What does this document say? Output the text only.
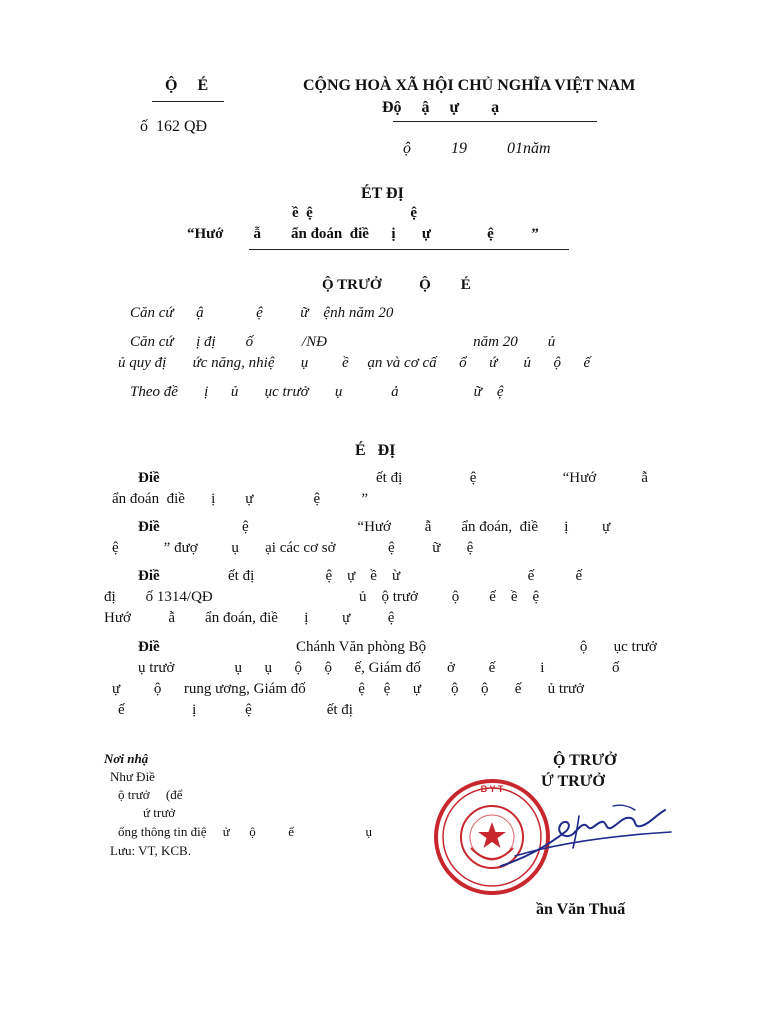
Ộ     É
ố  162 QĐ
CỘNG HOÀ XÃ HỘI CHỦ NGHĨA VIỆT NAM
Độ     ậ     ự        ạ
ộ          19          01năm
ÉT ĐỊ
ề  ệ                          ệ
“Hướ        ẫ        ẩn đoán  điề      ị       ự               ệ          ”
Ộ TRƯỞ          Ộ        É
Căn cứ      ậ              ệ          ữ    ệnh năm 20
Căn cứ      ị đị        ố             /NĐ                                       năm 20        ủ
ủ quy đị       ức năng, nhiệ       ụ         ề     ạn và cơ cấ      ổ      ứ       ủ      ộ      ế
Theo đề       ị      ủ       ục trưở       ụ             ả                    ữ    ệ
É   ĐỊ
Điề	ết đị                  ệ                       “Hướ            ẫ
ẩn đoán  điề       ị        ự                ệ           ”
Điề	ệ                             “Hướ         ẫ        ẩn đoán,  điề       ị         ự
ệ            ” đượ         ụ       ại các cơ sở              ệ          ữ       ệ
Điề	ết đị                   ệ    ự    ề    ừ                                  ế           ế
đị        ố 1314/QĐ                                       ủ    ộ trưở         ộ        ế    ề    ệ
Hướ          ẫ        ẩn đoán, điề       ị         ự          ệ
Điề	Chánh Văn phòng Bộ                                         ộ       ục trưở
ụ trưở                ụ      ụ      ộ      ộ      ế, Giám đố       ở         ế            i                  ố
ự         ộ      rung ương, Giám đố              ệ     ệ      ự        ộ      ộ       ế       ủ trưở
ế                  ị             ệ                    ết đị
Nơi nhậ
Như Điề
ộ trưở     (để
ứ trưở
ổng thông tin điệ     ử      ộ          ế                      ụ
Lưu: VT, KCB.
Ộ TRƯỞ
Ứ TRƯỞ
B Y T
ần Văn Thuấ
